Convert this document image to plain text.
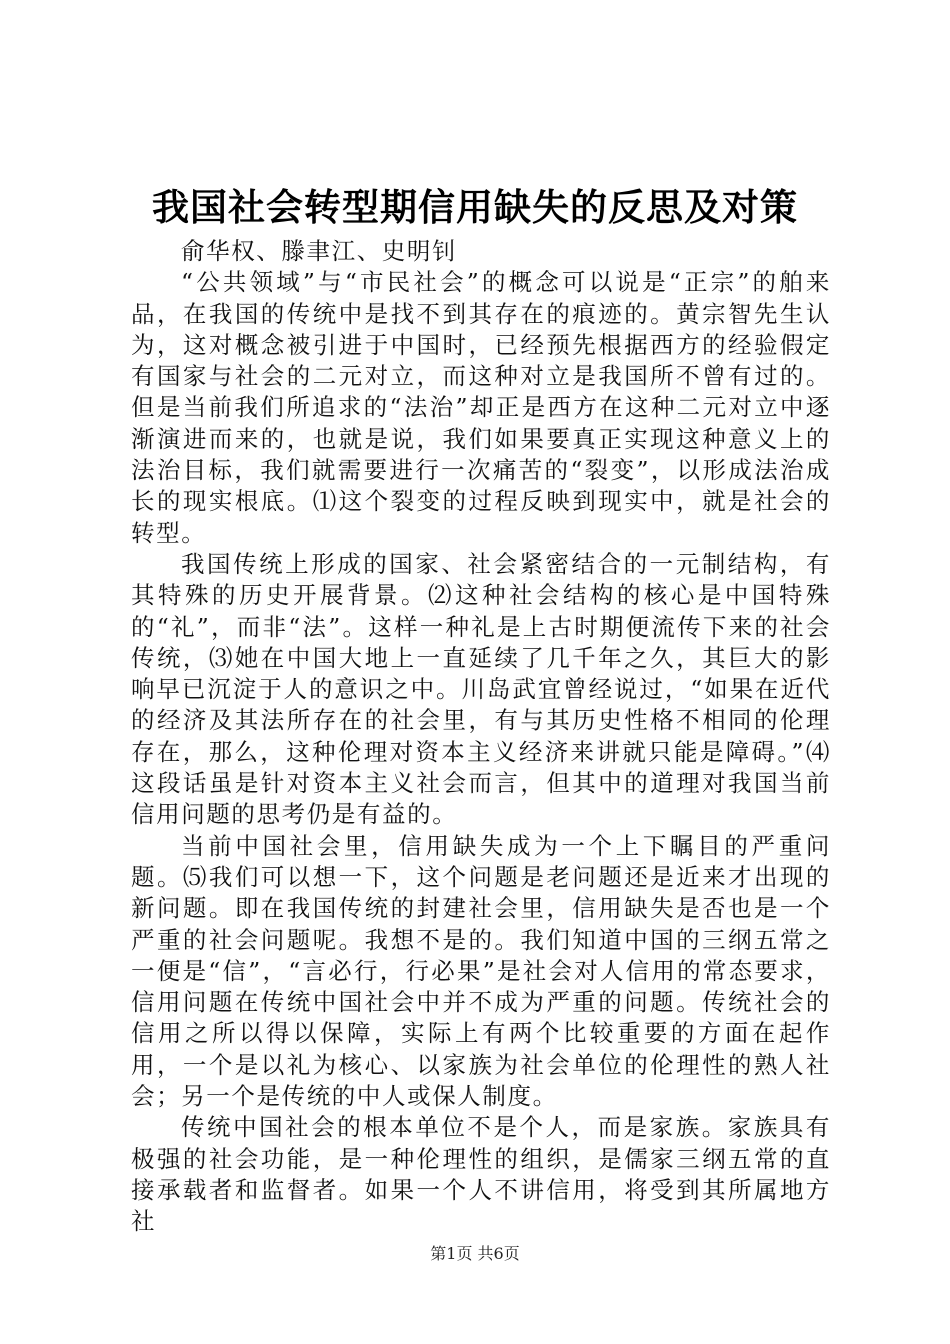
我国社会转型期信用缺失的反思及对策

俞华权、滕聿江、史明钊

“公共领域”与“市民社会”的概念可以说是“正宗”的舶来品，在我国的传统中是找不到其存在的痕迹的。黄宗智先生认为，这对概念被引进于中国时，已经预先根据西方的经验假定有国家与社会的二元对立，而这种对立是我国所不曾有过的。但是当前我们所追求的“法治”却正是西方在这种二元对立中逐渐演进而来的，也就是说，我们如果要真正实现这种意义上的法治目标，我们就需要进行一次痛苦的“裂变”，以形成法治成长的现实根底。⑴这个裂变的过程反映到现实中，就是社会的转型。

我国传统上形成的国家、社会紧密结合的一元制结构，有其特殊的历史开展背景。⑵这种社会结构的核心是中国特殊的“礼”，而非“法”。这样一种礼是上古时期便流传下来的社会传统，⑶她在中国大地上一直延续了几千年之久，其巨大的影响早已沉淀于人的意识之中。川岛武宜曾经说过，“如果在近代的经济及其法所存在的社会里，有与其历史性格不相同的伦理存在，那么，这种伦理对资本主义经济来讲就只能是障碍。”⑷这段话虽是针对资本主义社会而言，但其中的道理对我国当前信用问题的思考仍是有益的。

当前中国社会里，信用缺失成为一个上下瞩目的严重问题。⑸我们可以想一下，这个问题是老问题还是近来才出现的新问题。即在我国传统的封建社会里，信用缺失是否也是一个严重的社会问题呢。我想不是的。我们知道中国的三纲五常之一便是“信”，“言必行，行必果”是社会对人信用的常态要求，信用问题在传统中国社会中并不成为严重的问题。传统社会的信用之所以得以保障，实际上有两个比较重要的方面在起作用，一个是以礼为核心、以家族为社会单位的伦理性的熟人社会；另一个是传统的中人或保人制度。

传统中国社会的根本单位不是个人，而是家族。家族具有极强的社会功能，是一种伦理性的组织，是儒家三纲五常的直接承载者和监督者。如果一个人不讲信用，将受到其所属地方社

第1页 共6页
